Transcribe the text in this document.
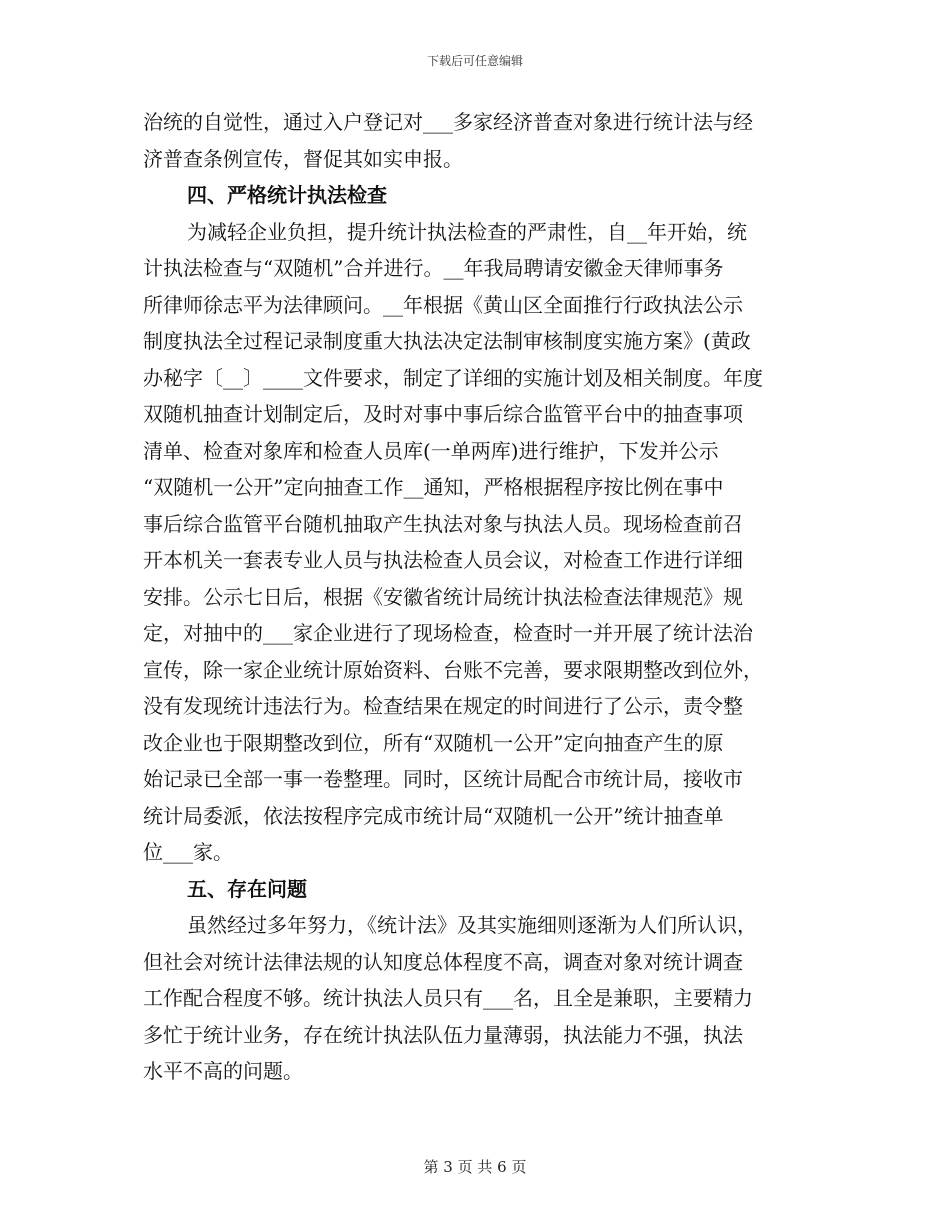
下载后可任意编辑
治统的自觉性，通过入户登记对___多家经济普查对象进行统计法与经
济普查条例宣传，督促其如实申报。
四、严格统计执法检查
为减轻企业负担，提升统计执法检查的严肃性，自__年开始，统
计执法检查与“双随机”合并进行。__年我局聘请安徽金天律师事务
所律师徐志平为法律顾问。__年根据《黄山区全面推行行政执法公示
制度执法全过程记录制度重大执法决定法制审核制度实施方案》(黄政
办秘字〔__〕____文件要求，制定了详细的实施计划及相关制度。年度
双随机抽查计划制定后，及时对事中事后综合监管平台中的抽查事项
清单、检查对象库和检查人员库(一单两库)进行维护，下发并公示
“双随机一公开”定向抽查工作__通知，严格根据程序按比例在事中
事后综合监管平台随机抽取产生执法对象与执法人员。现场检查前召
开本机关一套表专业人员与执法检查人员会议，对检查工作进行详细
安排。公示七日后，根据《安徽省统计局统计执法检查法律规范》规
定，对抽中的___家企业进行了现场检查，检查时一并开展了统计法治
宣传，除一家企业统计原始资料、台账不完善，要求限期整改到位外，
没有发现统计违法行为。检查结果在规定的时间进行了公示，责令整
改企业也于限期整改到位，所有“双随机一公开”定向抽查产生的原
始记录已全部一事一卷整理。同时，区统计局配合市统计局，接收市
统计局委派，依法按程序完成市统计局“双随机一公开”统计抽查单
位___家。
五、存在问题
虽然经过多年努力，《统计法》及其实施细则逐渐为人们所认识，
但社会对统计法律法规的认知度总体程度不高，调查对象对统计调查
工作配合程度不够。统计执法人员只有___名，且全是兼职，主要精力
多忙于统计业务，存在统计执法队伍力量薄弱，执法能力不强，执法
水平不高的问题。
第 3 页 共 6 页
